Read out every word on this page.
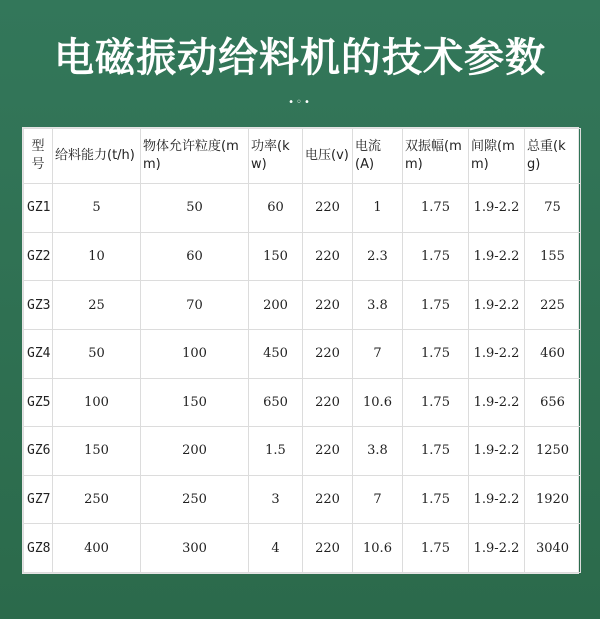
电磁振动给料机的技术参数
•◦•
型号	给料能力(t/h)	物体允许粒度(mm)	功率(kw)	电压(v)	电流(A)	双振幅(mm)	间隙(mm)	总重(kg)
GZ1	5	50	60	220	1	1.75	1.9-2.2	75
GZ2	10	60	150	220	2.3	1.75	1.9-2.2	155
GZ3	25	70	200	220	3.8	1.75	1.9-2.2	225
GZ4	50	100	450	220	7	1.75	1.9-2.2	460
GZ5	100	150	650	220	10.6	1.75	1.9-2.2	656
GZ6	150	200	1.5	220	3.8	1.75	1.9-2.2	1250
GZ7	250	250	3	220	7	1.75	1.9-2.2	1920
GZ8	400	300	4	220	10.6	1.75	1.9-2.2	3040
